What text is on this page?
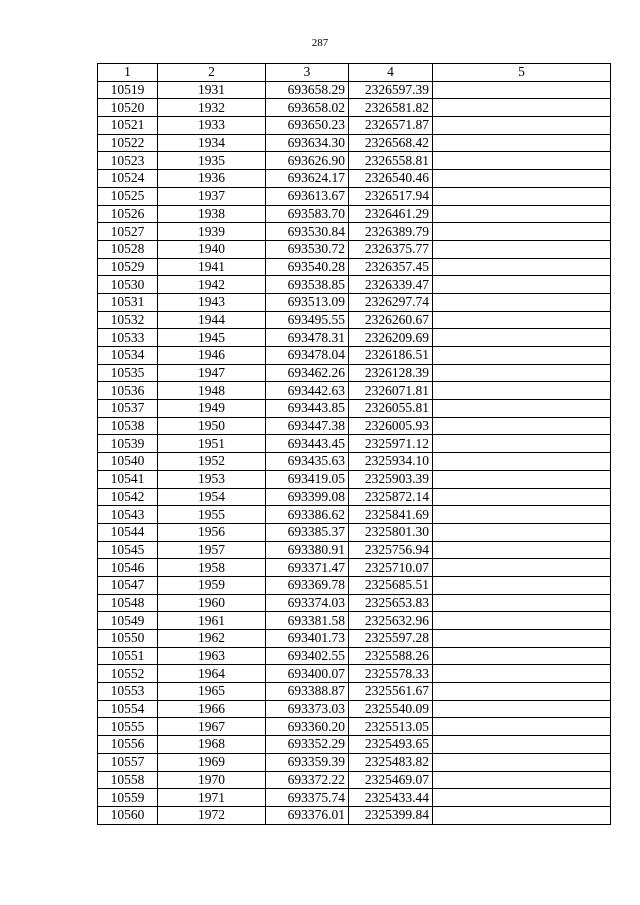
287
1	2	3	4	5
10519	1931	693658.29	2326597.39	
10520	1932	693658.02	2326581.82	
10521	1933	693650.23	2326571.87	
10522	1934	693634.30	2326568.42	
10523	1935	693626.90	2326558.81	
10524	1936	693624.17	2326540.46	
10525	1937	693613.67	2326517.94	
10526	1938	693583.70	2326461.29	
10527	1939	693530.84	2326389.79	
10528	1940	693530.72	2326375.77	
10529	1941	693540.28	2326357.45	
10530	1942	693538.85	2326339.47	
10531	1943	693513.09	2326297.74	
10532	1944	693495.55	2326260.67	
10533	1945	693478.31	2326209.69	
10534	1946	693478.04	2326186.51	
10535	1947	693462.26	2326128.39	
10536	1948	693442.63	2326071.81	
10537	1949	693443.85	2326055.81	
10538	1950	693447.38	2326005.93	
10539	1951	693443.45	2325971.12	
10540	1952	693435.63	2325934.10	
10541	1953	693419.05	2325903.39	
10542	1954	693399.08	2325872.14	
10543	1955	693386.62	2325841.69	
10544	1956	693385.37	2325801.30	
10545	1957	693380.91	2325756.94	
10546	1958	693371.47	2325710.07	
10547	1959	693369.78	2325685.51	
10548	1960	693374.03	2325653.83	
10549	1961	693381.58	2325632.96	
10550	1962	693401.73	2325597.28	
10551	1963	693402.55	2325588.26	
10552	1964	693400.07	2325578.33	
10553	1965	693388.87	2325561.67	
10554	1966	693373.03	2325540.09	
10555	1967	693360.20	2325513.05	
10556	1968	693352.29	2325493.65	
10557	1969	693359.39	2325483.82	
10558	1970	693372.22	2325469.07	
10559	1971	693375.74	2325433.44	
10560	1972	693376.01	2325399.84	
